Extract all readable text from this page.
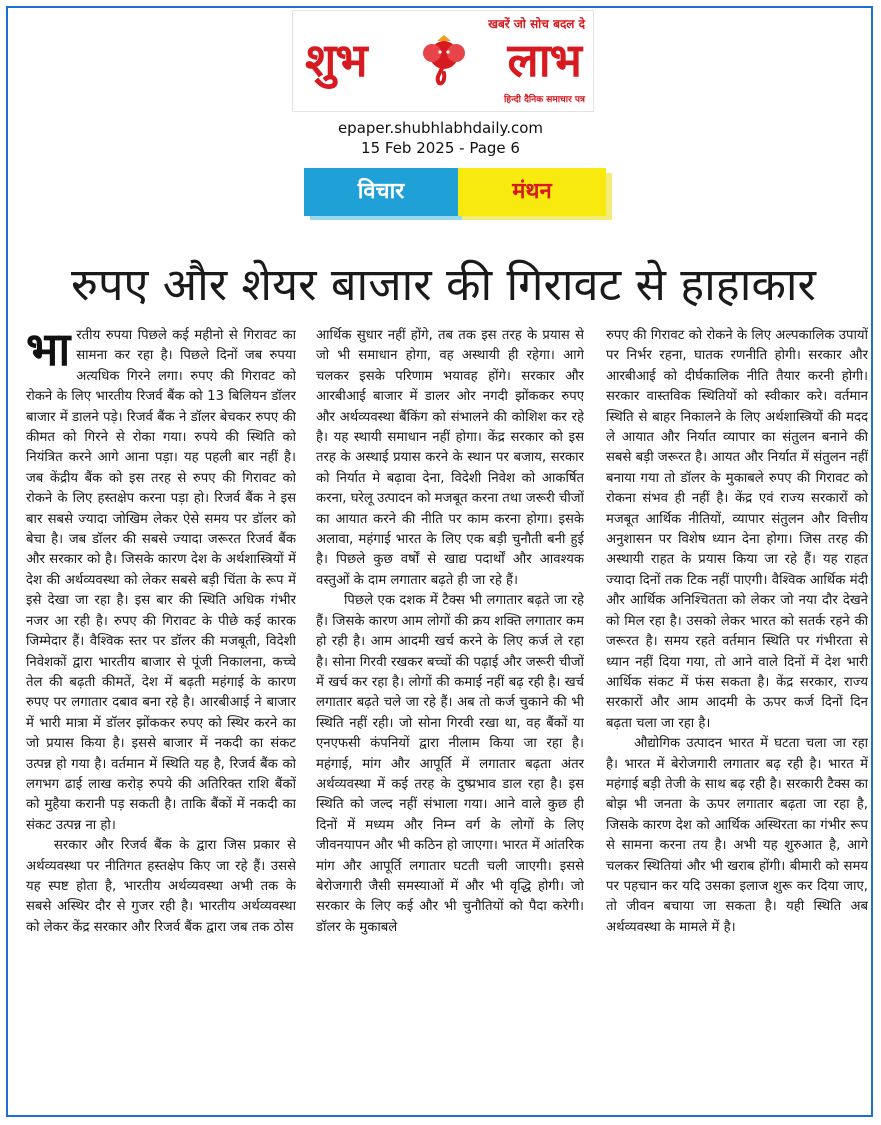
खबरें जो सोच बदल दे
शुभ	लाभ
हिन्दी दैनिक समाचार पत्र
epaper.shubhlabhdaily.com
15 Feb 2025 - Page 6
विचार	मंथन
रुपए और शेयर बाजार की गिरावट से हाहाकार

भारतीय रुपया पिछले कई महीनो से गिरावट का सामना कर रहा है। पिछले दिनों जब रुपया अत्यधिक गिरने लगा। रुपए की गिरावट को रोकने के लिए भारतीय रिजर्व बैंक को 13 बिलियन डॉलर बाजार में डालने पड़े। रिजर्व बैंक ने डॉलर बेचकर रुपए की कीमत को गिरने से रोका गया। रुपये की स्थिति को नियंत्रित करने आगे आना पड़ा। यह पहली बार नहीं है। जब केंद्रीय बैंक को इस तरह से रुपए की गिरावट को रोकने के लिए हस्तक्षेप करना पड़ा हो। रिजर्व बैंक ने इस बार सबसे ज्यादा जोखिम लेकर ऐसे समय पर डॉलर को बेचा है। जब डॉलर की सबसे ज्यादा जरूरत रिजर्व बैंक और सरकार को है। जिसके कारण देश के अर्थशास्त्रियों में देश की अर्थव्यवस्था को लेकर सबसे बड़ी चिंता के रूप में इसे देखा जा रहा है। इस बार की स्थिति अधिक गंभीर नजर आ रही है। रुपए की गिरावट के पीछे कई कारक जिम्मेदार हैं। वैश्विक स्तर पर डॉलर की मजबूती, विदेशी निवेशकों द्वारा भारतीय बाजार से पूंजी निकालना, कच्चे तेल की बढ़ती कीमतें, देश में बढ़ती महंगाई के कारण रुपए पर लगातार दबाव बना रहे है। आरबीआई ने बाजार में भारी मात्रा में डॉलर झोंककर रुपए को स्थिर करने का जो प्रयास किया है। इससे बाजार में नकदी का संकट उत्पन्न हो गया है। वर्तमान में स्थिति यह है, रिजर्व बैंक को लगभग ढाई लाख करोड़ रुपये की अतिरिक्त राशि बैंकों को मुहैया करानी पड़ सकती है। ताकि बैंकों में नकदी का संकट उत्पन्न ना हो।

सरकार और रिजर्व बैंक के द्वारा जिस प्रकार से अर्थव्यवस्था पर नीतिगत हस्तक्षेप किए जा रहे हैं। उससे यह स्पष्ट होता है, भारतीय अर्थव्यवस्था अभी तक के सबसे अस्थिर दौर से गुजर रही है। भारतीय अर्थव्यवस्था को लेकर केंद्र सरकार और रिजर्व बैंक द्वारा जब तक ठोस

आर्थिक सुधार नहीं होंगे, तब तक इस तरह के प्रयास से जो भी समाधान होगा, वह अस्थायी ही रहेगा। आगे चलकर इसके परिणाम भयावह होंगे। सरकार और आरबीआई बाजार में डालर ओर नगदी झोंककर रुपए और अर्थव्यवस्था बैंकिंग को संभालने की कोशिश कर रहे है। यह स्थायी समाधान नहीं होगा। केंद्र सरकार को इस तरह के अस्थाई प्रयास करने के स्थान पर बजाय, सरकार को निर्यात मे बढ़ावा देना, विदेशी निवेश को आकर्षित करना, घरेलू उत्पादन को मजबूत करना तथा जरूरी चीजों का आयात करने की नीति पर काम करना होगा। इसके अलावा, महंगाई भारत के लिए एक बड़ी चुनौती बनी हुई है। पिछले कुछ वर्षों से खाद्य पदार्थों और आवश्यक वस्तुओं के दाम लगातार बढ़ते ही जा रहे हैं।

पिछले एक दशक में टैक्स भी लगातार बढ़ते जा रहे हैं। जिसके कारण आम लोगों की क्रय शक्ति लगातार कम हो रही है। आम आदमी खर्च करने के लिए कर्ज ले रहा है। सोना गिरवी रखकर बच्चों की पढ़ाई और जरूरी चीजों में खर्च कर रहा है। लोगों की कमाई नहीं बढ़ रही है। खर्च लगातार बढ़ते चले जा रहे हैं। अब तो कर्ज चुकाने की भी स्थिति नहीं रही। जो सोना गिरवी रखा था, वह बैंकों या एनएफसी कंपनियों द्वारा नीलाम किया जा रहा है। महंगाई, मांग और आपूर्ति में लगातार बढ़ता अंतर अर्थव्यवस्था में कई तरह के दुष्प्रभाव डाल रहा है। इस स्थिति को जल्द नहीं संभाला गया। आने वाले कुछ ही दिनों में मध्यम और निम्न वर्ग के लोगों के लिए जीवनयापन और भी कठिन हो जाएगा। भारत में आंतरिक मांग और आपूर्ति लगातार घटती चली जाएगी। इससे बेरोजगारी जैसी समस्याओं में और भी वृद्धि होगी। जो सरकार के लिए कई और भी चुनौतियों को पैदा करेगी। डॉलर के मुकाबले

रुपए की गिरावट को रोकने के लिए अल्पकालिक उपायों पर निर्भर रहना, घातक रणनीति होगी। सरकार और आरबीआई को दीर्घकालिक नीति तैयार करनी होगी। सरकार वास्तविक स्थितियों को स्वीकार करे। वर्तमान स्थिति से बाहर निकालने के लिए अर्थशास्त्रियों की मदद ले आयात और निर्यात व्यापार का संतुलन बनाने की सबसे बड़ी जरूरत है। आयत और निर्यात में संतुलन नहीं बनाया गया तो डॉलर के मुकाबले रुपए की गिरावट को रोकना संभव ही नहीं है। केंद्र एवं राज्य सरकारों को मजबूत आर्थिक नीतियों, व्यापार संतुलन और वित्तीय अनुशासन पर विशेष ध्यान देना होगा। जिस तरह की अस्थायी राहत के प्रयास किया जा रहे हैं। यह राहत ज्यादा दिनों तक टिक नहीं पाएगी। वैश्विक आर्थिक मंदी और आर्थिक अनिश्चितता को लेकर जो नया दौर देखने को मिल रहा है। उसको लेकर भारत को सतर्क रहने की जरूरत है। समय रहते वर्तमान स्थिति पर गंभीरता से ध्यान नहीं दिया गया, तो आने वाले दिनों में देश भारी आर्थिक संकट में फंस सकता है। केंद्र सरकार, राज्य सरकारों और आम आदमी के ऊपर कर्ज दिनों दिन बढ़ता चला जा रहा है।

औद्योगिक उत्पादन भारत में घटता चला जा रहा है। भारत में बेरोजगारी लगातार बढ़ रही है। भारत में महंगाई बड़ी तेजी के साथ बढ़ रही है। सरकारी टैक्स का बोझ भी जनता के ऊपर लगातार बढ़ता जा रहा है, जिसके कारण देश को आर्थिक अस्थिरता का गंभीर रूप से सामना करना तय है। अभी यह शुरुआत है, आगे चलकर स्थितियां और भी खराब होंगी। बीमारी को समय पर पहचान कर यदि उसका इलाज शुरू कर दिया जाए, तो जीवन बचाया जा सकता है। यही स्थिति अब अर्थव्यवस्था के मामले में है।
